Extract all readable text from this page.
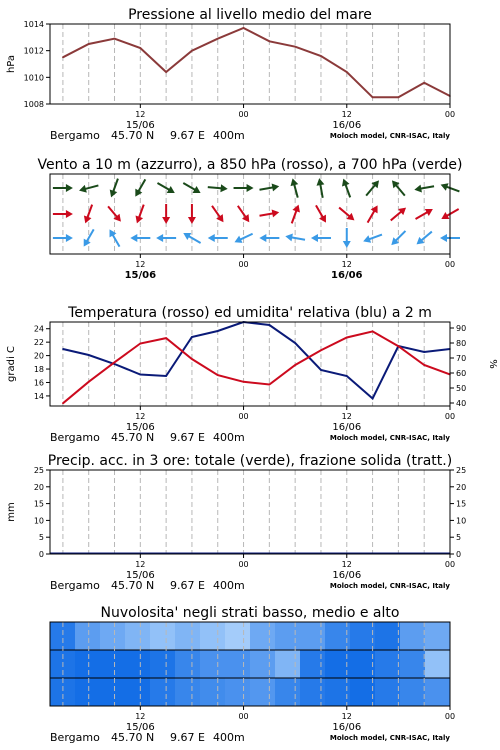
Pressione al livello medio del mare
12	00	12	00
15/06	16/06
Bergamo 45.70 N 9.67 E 400m	Moloch model, CNR-ISAC, Italy
1008
1010
1012
1014
hPa
Vento a 10 m (azzurro), a 850 hPa (rosso), a 700 hPa (verde)
12	00	12	00
15/06	16/06
Temperatura (rosso) ed umidita' relativa (blu) a 2 m
12	00	12	00
15/06	16/06
Bergamo 45.70 N 9.67 E 400m	Moloch model, CNR-ISAC, Italy
14
16
18
20
22
24
40
50
60
70
80
90
gradi C	%
Precip. acc. in 3 ore: totale (verde), frazione solida (tratt.)
12	00	12	00
15/06	16/06
Bergamo 45.70 N 9.67 E 400m	Moloch model, CNR-ISAC, Italy
0
5
10
15
20
25
0
5
10
15
20
25
mm
Nuvolosita' negli strati basso, medio e alto
12	00	12	00
15/06	16/06
Bergamo 45.70 N 9.67 E 400m	Moloch model, CNR-ISAC, Italy
